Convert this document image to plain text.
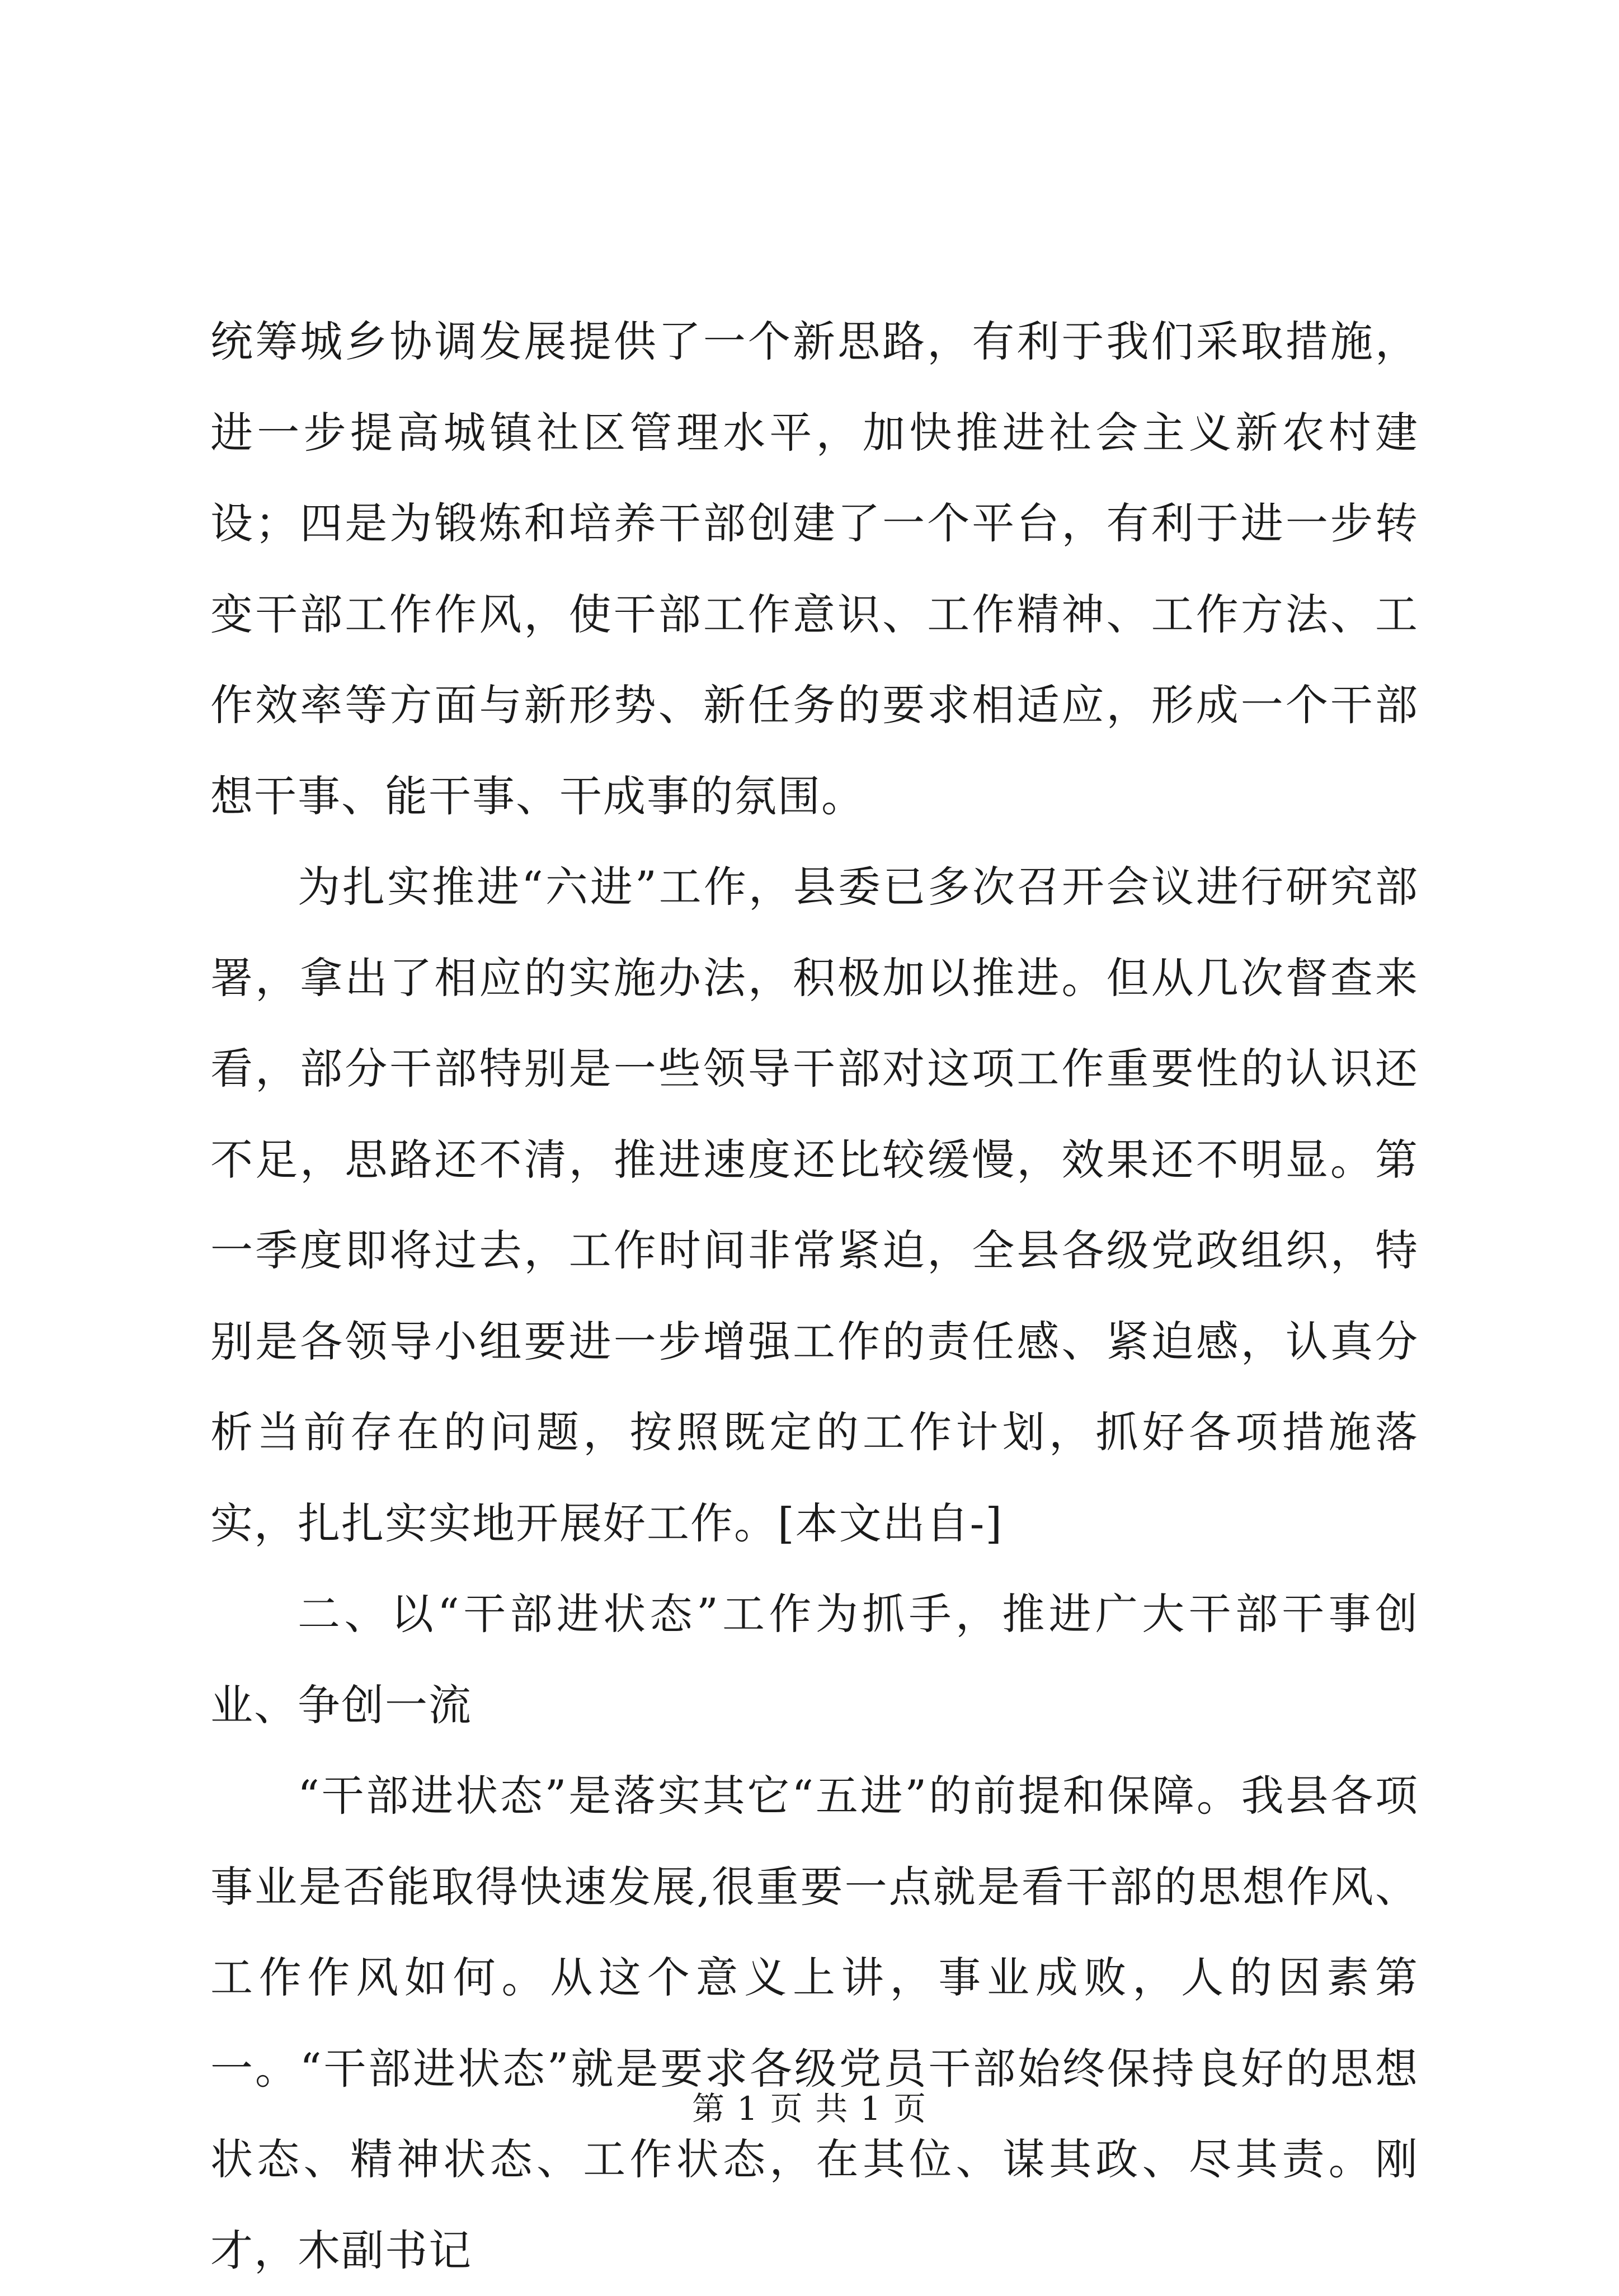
统筹城乡协调发展提供了一个新思路，有利于我们采取措施，进一步提高城镇社区管理水平，加快推进社会主义新农村建设；四是为锻炼和培养干部创建了一个平台，有利于进一步转变干部工作作风，使干部工作意识、工作精神、工作方法、工作效率等方面与新形势、新任务的要求相适应，形成一个干部想干事、能干事、干成事的氛围。

为扎实推进“六进”工作，县委已多次召开会议进行研究部署，拿出了相应的实施办法，积极加以推进。但从几次督查来看，部分干部特别是一些领导干部对这项工作重要性的认识还不足，思路还不清，推进速度还比较缓慢，效果还不明显。第一季度即将过去，工作时间非常紧迫，全县各级党政组织，特别是各领导小组要进一步增强工作的责任感、紧迫感，认真分析当前存在的问题，按照既定的工作计划，抓好各项措施落实，扎扎实实地开展好工作。[本文出自-]

二、以“干部进状态”工作为抓手，推进广大干部干事创业、争创一流

“干部进状态”是落实其它“五进”的前提和保障。我县各项事业是否能取得快速发展,很重要一点就是看干部的思想作风、工作作风如何。从这个意义上讲，事业成败，人的因素第一。“干部进状态”就是要求各级党员干部始终保持良好的思想状态、精神状态、工作状态，在其位、谋其政、尽其责。刚才，木副书记

第 1 页 共 1 页
